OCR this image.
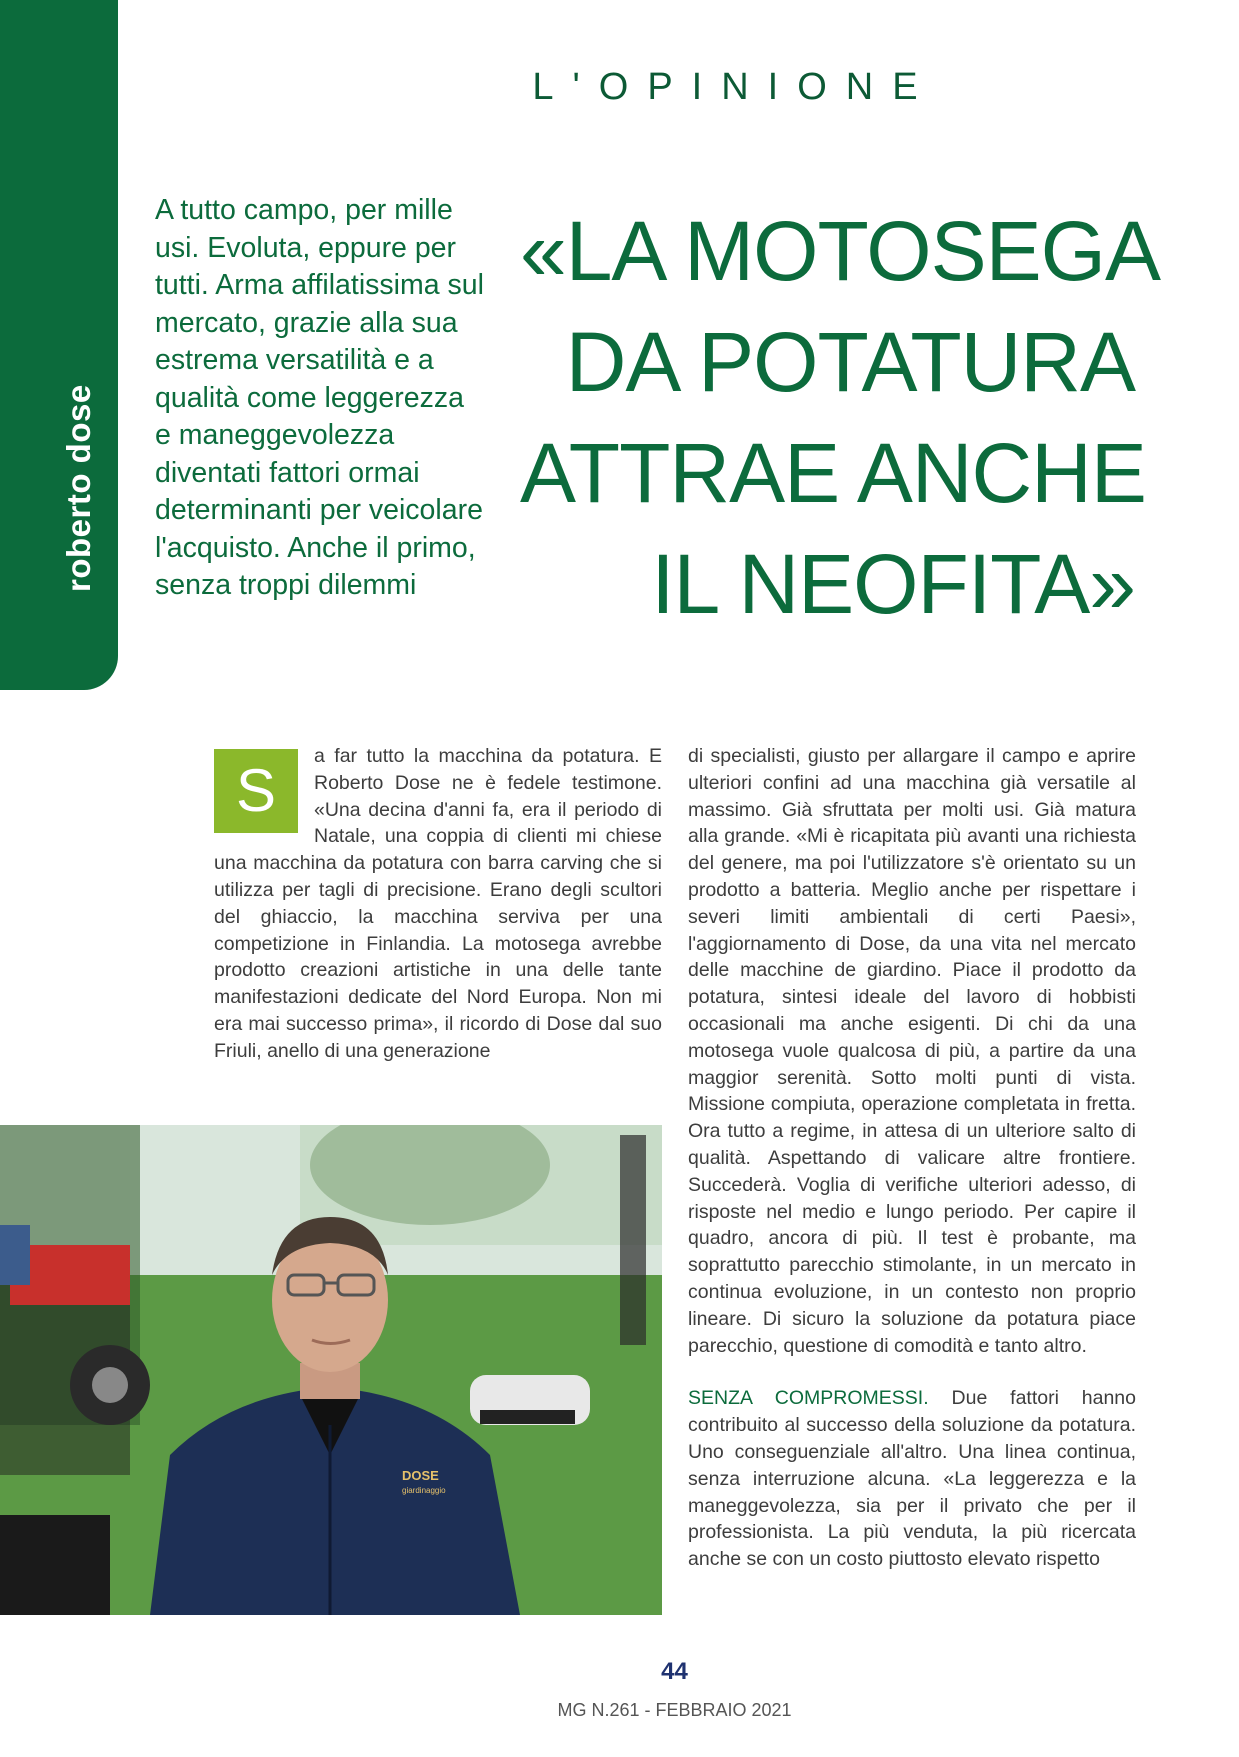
roberto dose
L'OPINIONE
A tutto campo, per mille usi. Evoluta, eppure per tutti. Arma affilatissima sul mercato, grazie alla sua estrema versatilità e a qualità come leggerezza e maneggevolezza diventati fattori ormai determinanti per veicolare l'acquisto. Anche il primo, senza troppi dilemmi
«LA MOTOSEGA
DA POTATURA
ATTRAE ANCHE
IL NEOFITA»
S

a far tutto la macchina da potatura. E Roberto Dose ne è fedele testimone. «Una decina d'anni fa, era il periodo di Natale, una coppia di clienti mi chiese una macchina da potatura con barra carving che si utilizza per tagli di precisione. Erano degli scultori del ghiaccio, la macchina serviva per una competizione in Finlandia. La motosega avrebbe prodotto creazioni artistiche in una delle tante manifestazioni dedicate del Nord Europa. Non mi era mai successo prima», il ricordo di Dose dal suo Friuli, anello di una generazione

di specialisti, giusto per allargare il campo e aprire ulteriori confini ad una macchina già versatile al massimo. Già sfruttata per molti usi. Già matura alla grande. «Mi è ricapitata più avanti una richiesta del genere, ma poi l'utilizzatore s'è orientato su un prodotto a batteria. Meglio anche per rispettare i severi limiti ambientali di certi Paesi», l'aggiornamento di Dose, da una vita nel mercato delle macchine de giardino. Piace il prodotto da potatura, sintesi ideale del lavoro di hobbisti occasionali ma anche esigenti. Di chi da una motosega vuole qualcosa di più, a partire da una maggior serenità. Sotto molti punti di vista. Missione compiuta, operazione completata in fretta. Ora tutto a regime, in attesa di un ulteriore salto di qualità. Aspettando di valicare altre frontiere. Succederà. Voglia di verifiche ulteriori adesso, di risposte nel medio e lungo periodo. Per capire il quadro, ancora di più. Il test è probante, ma soprattutto parecchio stimolante, in un mercato in continua evoluzione, in un contesto non proprio lineare. Di sicuro la soluzione da potatura piace parecchio, questione di comodità e tanto altro.

SENZA COMPROMESSI. Due fattori hanno contribuito al successo della soluzione da potatura. Uno conseguenziale all'altro. Una linea continua, senza interruzione alcuna. «La leggerezza e la maneggevolezza, sia per il privato che per il professionista. La più venduta, la più ricercata anche se con un costo piuttosto elevato rispetto

DOSE
giardinaggio
44
MG N.261 - FEBBRAIO 2021
